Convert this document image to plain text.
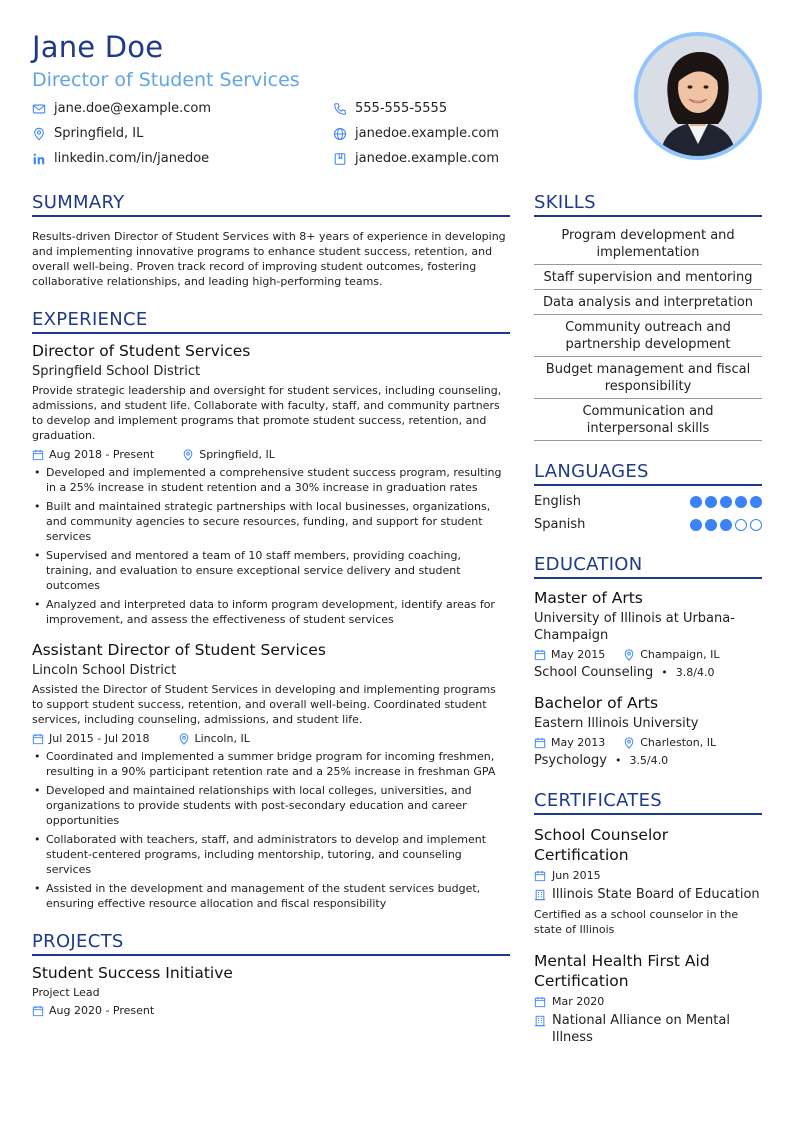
Jane Doe
Director of Student Services
jane.doe@example.com	555-555-5555
Springfield, IL	janedoe.example.com
linkedin.com/in/janedoe	janedoe.example.com
SUMMARY

Results-driven Director of Student Services with 8+ years of experience in developing and implementing innovative programs to enhance student success, retention, and overall well-being. Proven track record of improving student outcomes, fostering collaborative relationships, and leading high-performing teams.

EXPERIENCE
Director of Student Services
Springfield School District

Provide strategic leadership and oversight for student services, including counseling, admissions, and student life. Collaborate with faculty, staff, and community partners to develop and implement programs that promote student success, retention, and graduation.

Aug 2018 - Present	Springfield, IL
• Developed and implemented a comprehensive student success program, resulting in a 25% increase in student retention and a 30% increase in graduation rates
• Built and maintained strategic partnerships with local businesses, organizations, and community agencies to secure resources, funding, and support for student services
• Supervised and mentored a team of 10 staff members, providing coaching, training, and evaluation to ensure exceptional service delivery and student outcomes
• Analyzed and interpreted data to inform program development, identify areas for improvement, and assess the effectiveness of student services
Assistant Director of Student Services
Lincoln School District

Assisted the Director of Student Services in developing and implementing programs to support student success, retention, and overall well-being. Coordinated student services, including counseling, admissions, and student life.

Jul 2015 - Jul 2018	Lincoln, IL
• Coordinated and implemented a summer bridge program for incoming freshmen, resulting in a 90% participant retention rate and a 25% increase in freshman GPA
• Developed and maintained relationships with local colleges, universities, and organizations to provide students with post-secondary education and career opportunities
• Collaborated with teachers, staff, and administrators to develop and implement student-centered programs, including mentorship, tutoring, and counseling services
• Assisted in the development and management of the student services budget, ensuring effective resource allocation and fiscal responsibility
PROJECTS
Student Success Initiative
Project Lead
Aug 2020 - Present
SKILLS
Program development and implementation
Staff supervision and mentoring
Data analysis and interpretation
Community outreach and partnership development
Budget management and fiscal responsibility
Communication and interpersonal skills
LANGUAGES
English
Spanish
EDUCATION
Master of Arts
University of Illinois at Urbana-Champaign
May 2015	Champaign, IL
School Counseling • 3.8/4.0
Bachelor of Arts
Eastern Illinois University
May 2013	Charleston, IL
Psychology • 3.5/4.0
CERTIFICATES
School Counselor Certification
Jun 2015
Illinois State Board of Education

Certified as a school counselor in the state of Illinois

Mental Health First Aid Certification
Mar 2020
National Alliance on Mental Illness
